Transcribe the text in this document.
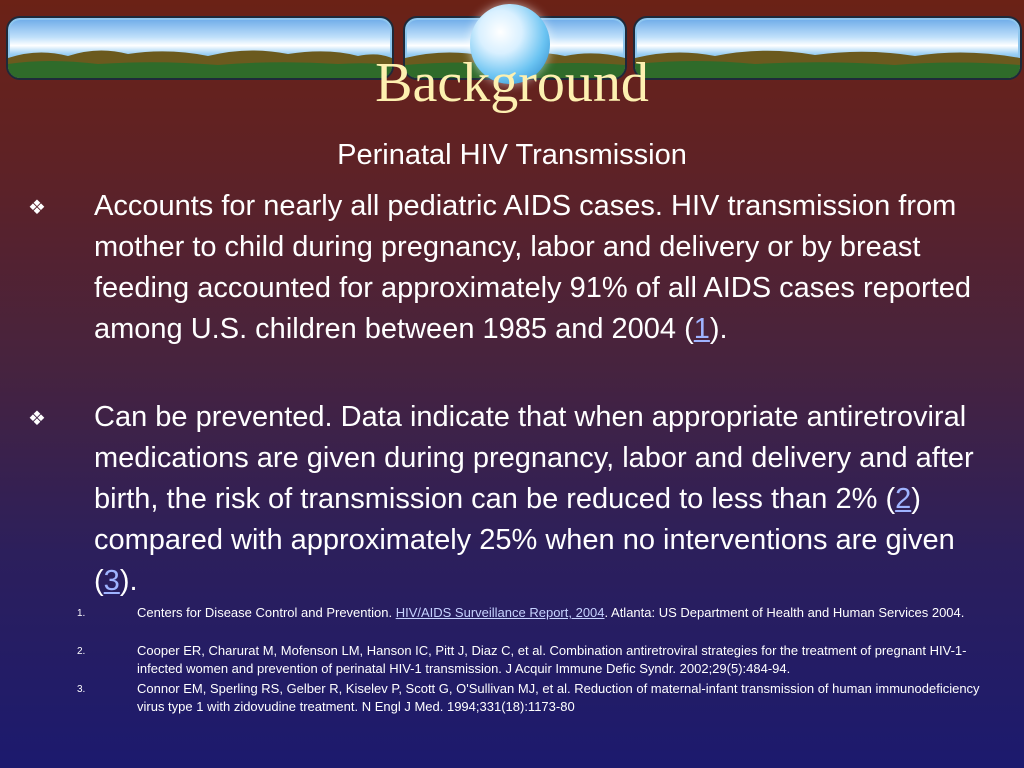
Background
Perinatal HIV Transmission
❖ Accounts for nearly all pediatric AIDS cases. HIV transmission from mother to child during pregnancy, labor and delivery or by breast feeding accounted for approximately 91% of all AIDS cases reported among U.S. children between 1985 and 2004 (1).
❖ Can be prevented. Data indicate that when appropriate antiretroviral medications are given during pregnancy, labor and delivery and after birth, the risk of transmission can be reduced to less than 2% (2) compared with approximately 25% when no interventions are given (3).
1.	Centers for Disease Control and Prevention. HIV/AIDS Surveillance Report, 2004. Atlanta: US Department of Health and Human Services 2004.
2.	Cooper ER, Charurat M, Mofenson LM, Hanson IC, Pitt J, Diaz C, et al. Combination antiretroviral strategies for the treatment of pregnant HIV-1-infected women and prevention of perinatal HIV-1 transmission. J Acquir Immune Defic Syndr. 2002;29(5):484-94.
3.	Connor EM, Sperling RS, Gelber R, Kiselev P, Scott G, O'Sullivan MJ, et al. Reduction of maternal-infant transmission of human immunodeficiency virus type 1 with zidovudine treatment. N Engl J Med. 1994;331(18):1173-80
